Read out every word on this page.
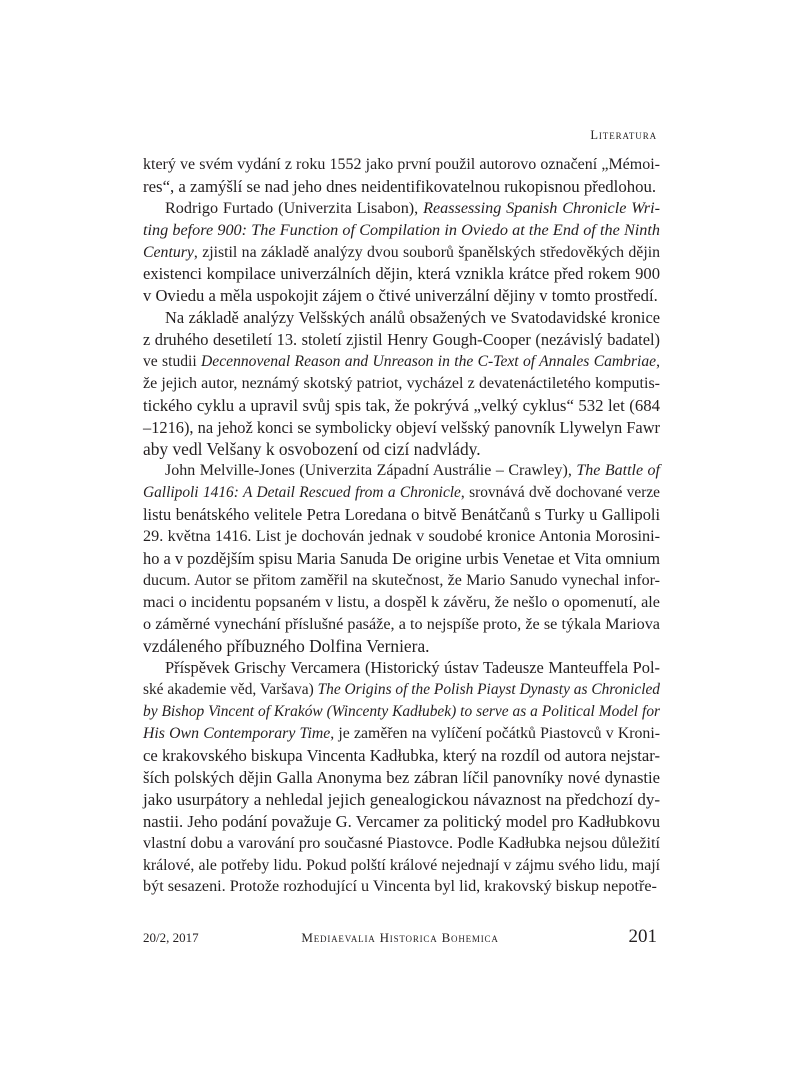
Literatura
který ve svém vydání z roku 1552 jako první použil autorovo označení „Mémoi-
res“, a zamýšlí se nad jeho dnes neidentifikovatelnou rukopisnou předlohou.
Rodrigo Furtado (Univerzita Lisabon), Reassessing Spanish Chronicle Wri-
ting before 900: The Function of Compilation in Oviedo at the End of the Ninth
Century, zjistil na základě analýzy dvou souborů španělských středověkých dějin
existenci kompilace univerzálních dějin, která vznikla krátce před rokem 900
v Oviedu a měla uspokojit zájem o čtivé univerzální dějiny v tomto prostředí.
Na základě analýzy Velšských análů obsažených ve Svatodavidské kronice
z druhého desetiletí 13. století zjistil Henry Gough-Cooper (nezávislý badatel)
ve studii Decennovenal Reason and Unreason in the C-Text of Annales Cambriae,
že jejich autor, neznámý skotský patriot, vycházel z devatenáctiletého komputis-
tického cyklu a upravil svůj spis tak, že pokrývá „velký cyklus“ 532 let (684
–1216), na jehož konci se symbolicky objeví velšský panovník Llywelyn Fawr
aby vedl Velšany k osvobození od cizí nadvlády.
John Melville-Jones (Univerzita Západní Austrálie – Crawley), The Battle of
Gallipoli 1416: A Detail Rescued from a Chronicle, srovnává dvě dochované verze
listu benátského velitele Petra Loredana o bitvě Benátčanů s Turky u Gallipoli
29. května 1416. List je dochován jednak v soudobé kronice Antonia Morosini-
ho a v pozdějším spisu Maria Sanuda De origine urbis Venetae et Vita omnium
ducum. Autor se přitom zaměřil na skutečnost, že Mario Sanudo vynechal infor-
maci o incidentu popsaném v listu, a dospěl k závěru, že nešlo o opomenutí, ale
o záměrné vynechání příslušné pasáže, a to nejspíše proto, že se týkala Mariova
vzdáleného příbuzného Dolfina Verniera.
Příspěvek Grischy Vercamera (Historický ústav Tadeusze Manteuffela Pol-
ské akademie věd, Varšava) The Origins of the Polish Piayst Dynasty as Chronicled
by Bishop Vincent of Kraków (Wincenty Kadłubek) to serve as a Political Model for
His Own Contemporary Time, je zaměřen na vylíčení počátků Piastovců v Kroni-
ce krakovského biskupa Vincenta Kadłubka, který na rozdíl od autora nejstar-
ších polských dějin Galla Anonyma bez zábran líčil panovníky nové dynastie
jako usurpátory a nehledal jejich genealogickou návaznost na předchozí dy-
nastii. Jeho podání považuje G. Vercamer za politický model pro Kadłubkovu
vlastní dobu a varování pro současné Piastovce. Podle Kadłubka nejsou důležití
králové, ale potřeby lidu. Pokud polští králové nejednají v zájmu svého lidu, mají
být sesazeni. Protože rozhodující u Vincenta byl lid, krakovský biskup nepotře-
20/2, 2017	Mediaevalia Historica Bohemica	201
